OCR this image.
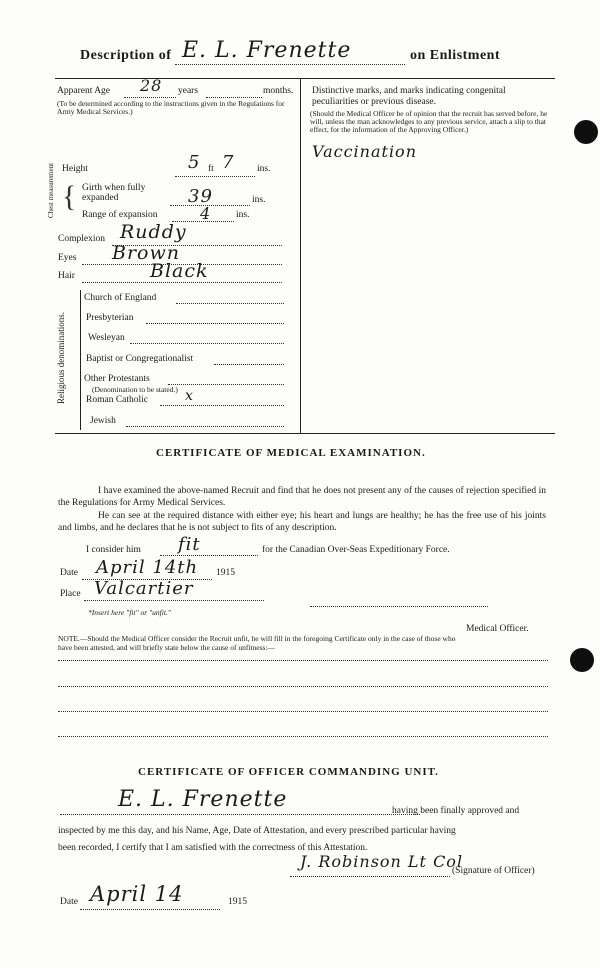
Description of E. L. Frenette	on Enlistment
Apparent Age 28 years	months.
(To be determined according to the instructions given in the Regulations for Army Medical Services.)
Height	5 ft 7 ins.
Chest measurement { Girth when fully expanded	39	ins.
Range of expansion	4	ins.
Complexion Ruddy
Eyes Brown
Hair	Black
Religious denominations.
Church of England
Presbyterian
Wesleyan
Baptist or Congregationalist
Other Protestants
(Denomination to be stated.)
Roman Catholic	x
Jewish
Distinctive marks, and marks indicating congenital peculiarities or previous disease.
(Should the Medical Officer be of opinion that the recruit has served before, he will, unless the man acknowledges to any previous service, attach a slip to that effect, for the information of the Approving Officer.)
Vaccination
CERTIFICATE OF MEDICAL EXAMINATION.
I have examined the above-named Recruit and find that he does not present any of the causes of rejection specified in the Regulations for Army Medical Services.
He can see at the required distance with either eye; his heart and lungs are healthy; he has the free use of his joints and limbs, and he declares that he is not subject to fits of any description.
I consider him fit	for the Canadian Over-Seas Expeditionary Force.
Date April 14th 1915
Place Valcartier
*Insert here "fit" or "unfit."
Medical Officer.
NOTE.—Should the Medical Officer consider the Recruit unfit, he will fill in the foregoing Certificate only in the case of those who have been attested, and will briefly state below the cause of unfitness:—
CERTIFICATE OF OFFICER COMMANDING UNIT.
E. L. Frenette	having been finally approved and
inspected by me this day, and his Name, Age, Date of Attestation, and every prescribed particular having
been recorded, I certify that I am satisfied with the correctness of this Attestation.
J. Robinson Lt Col
(Signature of Officer)
Date April 14	1915
